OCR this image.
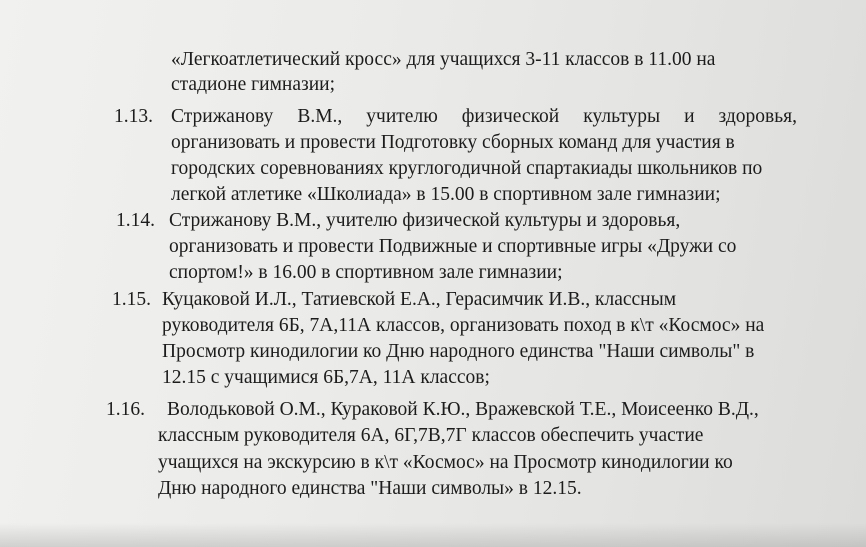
«Легкоатлетический кросс» для учащихся 3-11 классов в 11.00 на
стадионе гимназии;
1.13. Стрижанову В.М., учителю физической культуры и здоровья,
организовать и провести Подготовку сборных команд для участия в
городских соревнованиях круглогодичной спартакиады школьников по
легкой атлетике «Школиада» в 15.00 в спортивном зале гимназии;
1.14. Стрижанову В.М., учителю физической культуры и здоровья,
организовать и провести Подвижные и спортивные игры «Дружи со
спортом!» в 16.00 в спортивном зале гимназии;
1.15. Куцаковой И.Л., Татиевской Е.А., Герасимчик И.В., классным
руководителя 6Б, 7А,11А классов, организовать поход в к\т «Космос» на
Просмотр кинодилогии ко Дню народного единства "Наши символы" в
12.15 с учащимися 6Б,7А, 11А классов;
1.16. Володьковой О.М., Кураковой К.Ю., Вражевской Т.Е., Моисеенко В.Д.,
классным руководителя 6А, 6Г,7В,7Г классов обеспечить участие
учащихся на экскурсию в к\т «Космос» на Просмотр кинодилогии ко
Дню народного единства "Наши символы» в 12.15.
